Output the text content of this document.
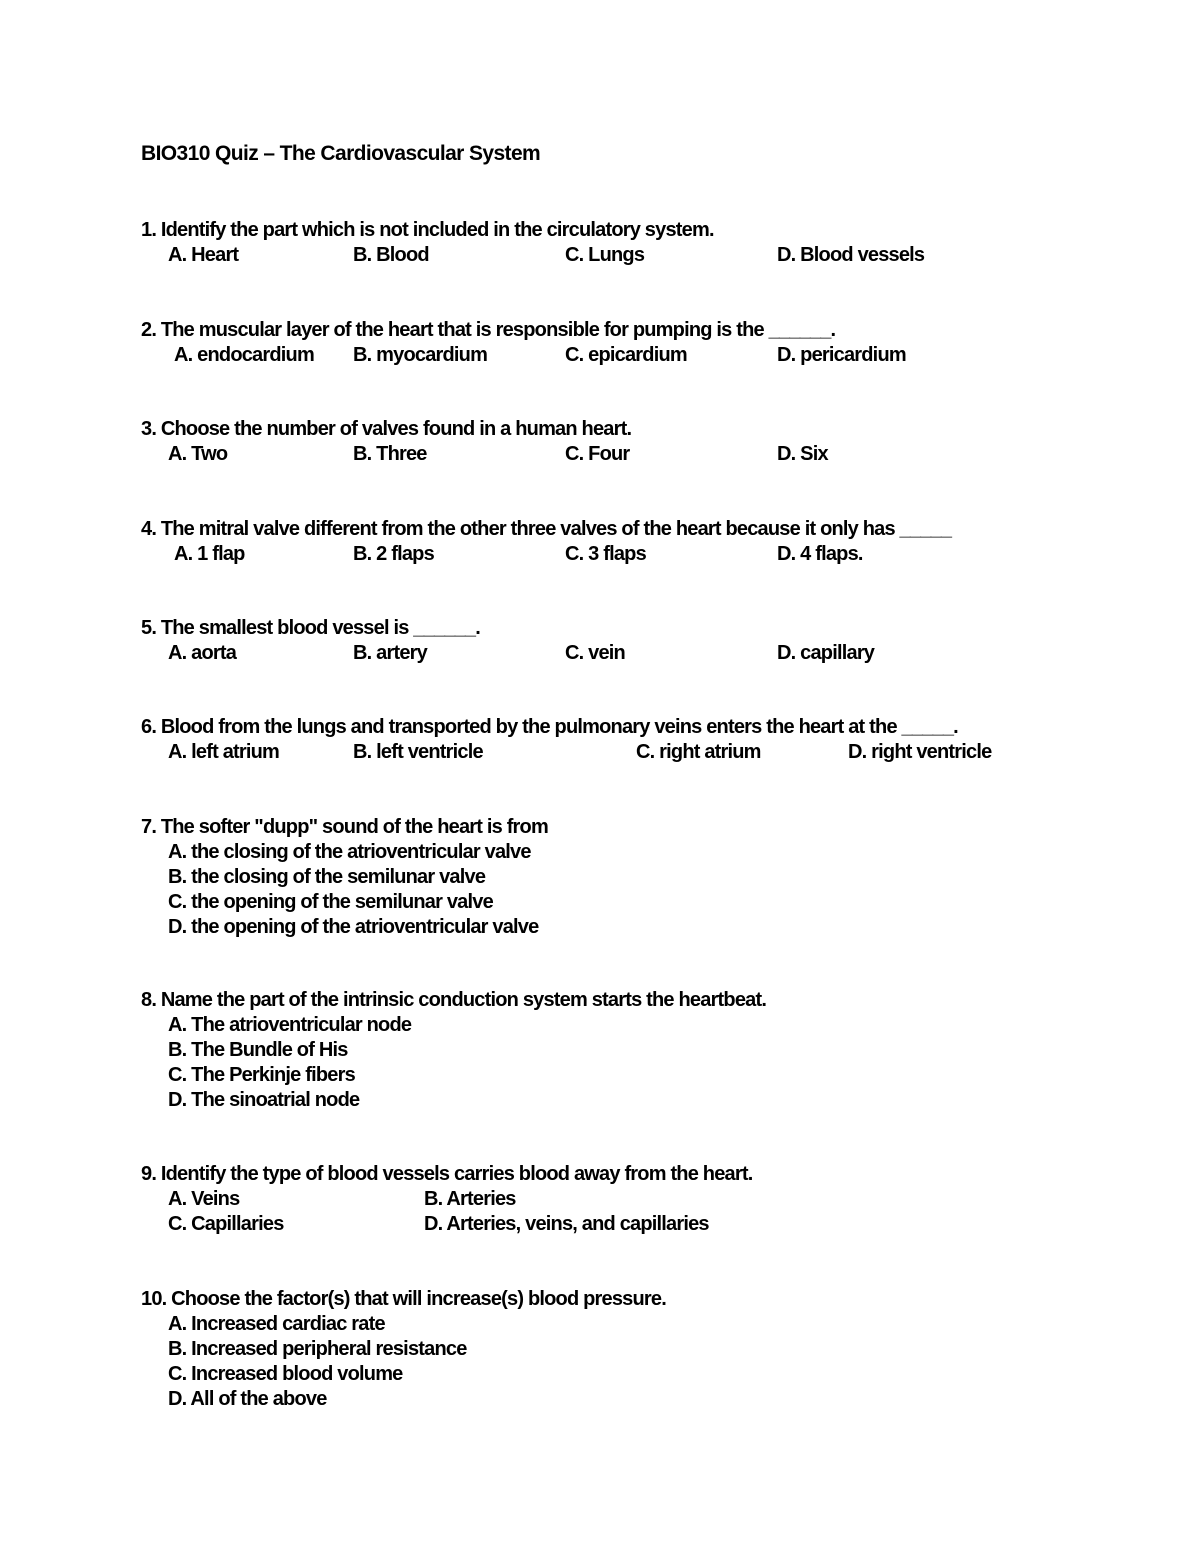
BIO310 Quiz – The Cardiovascular System
1. Identify the part which is not included in the circulatory system.
A. Heart	B. Blood	C. Lungs	D. Blood vessels
2. The muscular layer of the heart that is responsible for pumping is the ______.
A. endocardium B. myocardium	C. epicardium	D. pericardium
3. Choose the number of valves found in a human heart.
A. Two	B. Three	C. Four	D. Six
4. The mitral valve different from the other three valves of the heart because it only has _____
A. 1 flap	B. 2 flaps	C. 3 flaps	D. 4 flaps.
5. The smallest blood vessel is ______.
A. aorta	B. artery	C. vein	D. capillary
6. Blood from the lungs and transported by the pulmonary veins enters the heart at the _____.
A. left atrium	B. left ventricle	C. right atrium	D. right ventricle
7. The softer "dupp" sound of the heart is from
A. the closing of the atrioventricular valve
B. the closing of the semilunar valve
C. the opening of the semilunar valve
D. the opening of the atrioventricular valve
8. Name the part of the intrinsic conduction system starts the heartbeat.
A. The atrioventricular node
B. The Bundle of His
C. The Perkinje fibers
D. The sinoatrial node
9. Identify the type of blood vessels carries blood away from the heart.
A. Veins	B. Arteries
C. Capillaries	D. Arteries, veins, and capillaries
10. Choose the factor(s) that will increase(s) blood pressure.
A. Increased cardiac rate
B. Increased peripheral resistance
C. Increased blood volume
D. All of the above
